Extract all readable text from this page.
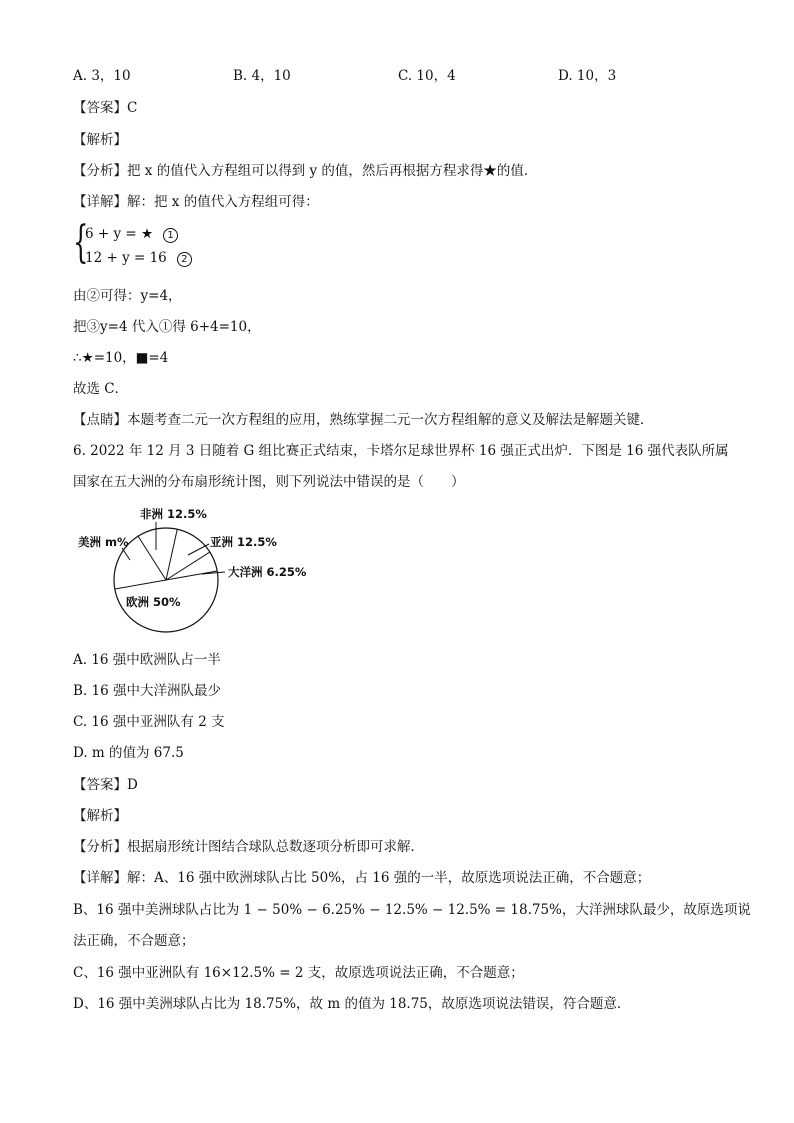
A. 3，10	B. 4，10	C. 10，4	D. 10，3
【答案】C
【解析】
【分析】把 x 的值代入方程组可以得到 y 的值，然后再根据方程求得★的值．
【详解】解：把 x 的值代入方程组可得：
{
6 + y = ★ 1
12 + y = 16 2
由②可得：y=4，
把③y=4 代入①得 6+4=10，
∴★=10，■=4
故选 C．
【点睛】本题考查二元一次方程组的应用，熟练掌握二元一次方程组解的意义及解法是解题关键．
6. 2022 年 12 月 3 日随着 G 组比赛正式结束，卡塔尔足球世界杯 16 强正式出炉．下图是 16 强代表队所属
国家在五大洲的分布扇形统计图，则下列说法中错误的是（　　）
非洲 12.5%
亚洲 12.5%
大洋洲 6.25%
美洲 m%
欧洲 50%
A. 16 强中欧洲队占一半
B. 16 强中大洋洲队最少
C. 16 强中亚洲队有 2 支
D. m 的值为 67.5
【答案】D
【解析】
【分析】根据扇形统计图结合球队总数逐项分析即可求解．
【详解】解：A、16 强中欧洲球队占比 50%，占 16 强的一半，故原选项说法正确，不合题意；
B、16 强中美洲球队占比为 1 − 50% − 6.25% − 12.5% − 12.5% = 18.75%，大洋洲球队最少，故原选项说
法正确，不合题意；
C、16 强中亚洲队有 16×12.5% = 2 支，故原选项说法正确，不合题意；
D、16 强中美洲球队占比为 18.75%，故 m 的值为 18.75，故原选项说法错误，符合题意．
